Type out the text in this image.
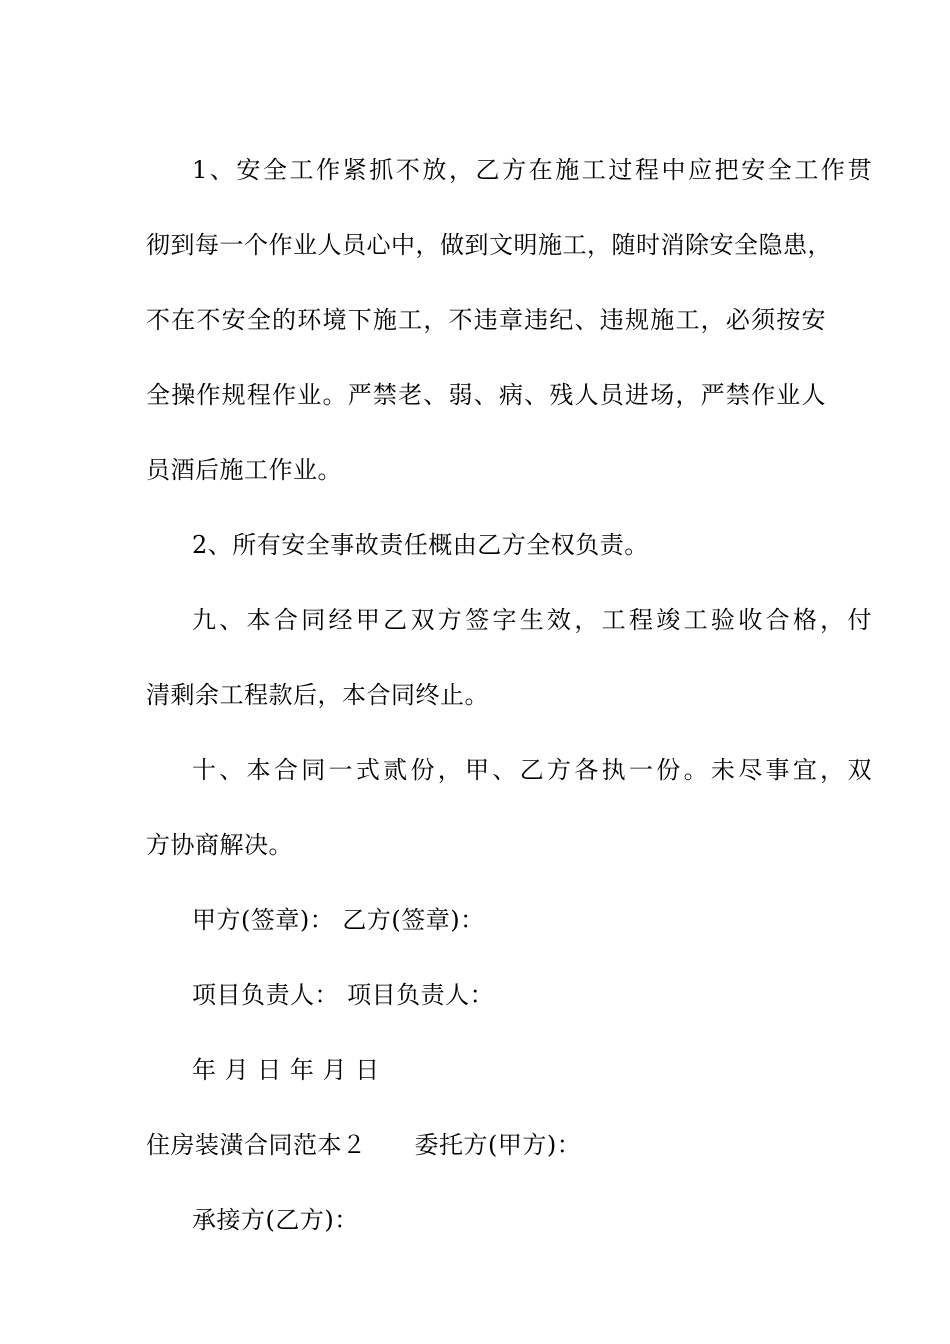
1、安全工作紧抓不放，乙方在施工过程中应把安全工作贯
彻到每一个作业人员心中，做到文明施工，随时消除安全隐患，
不在不安全的环境下施工，不违章违纪、违规施工，必须按安
全操作规程作业。严禁老、弱、病、残人员进场，严禁作业人
员酒后施工作业。
2、所有安全事故责任概由乙方全权负责。
九、本合同经甲乙双方签字生效，工程竣工验收合格，付
清剩余工程款后，本合同终止。
十、本合同一式贰份，甲、乙方各执一份。未尽事宜，双
方协商解决。
甲方(签章)： 乙方(签章)：
项目负责人： 项目负责人：
年 月 日 年 月 日
住房装潢合同范本２ 委托方(甲方)：
承接方(乙方)：
